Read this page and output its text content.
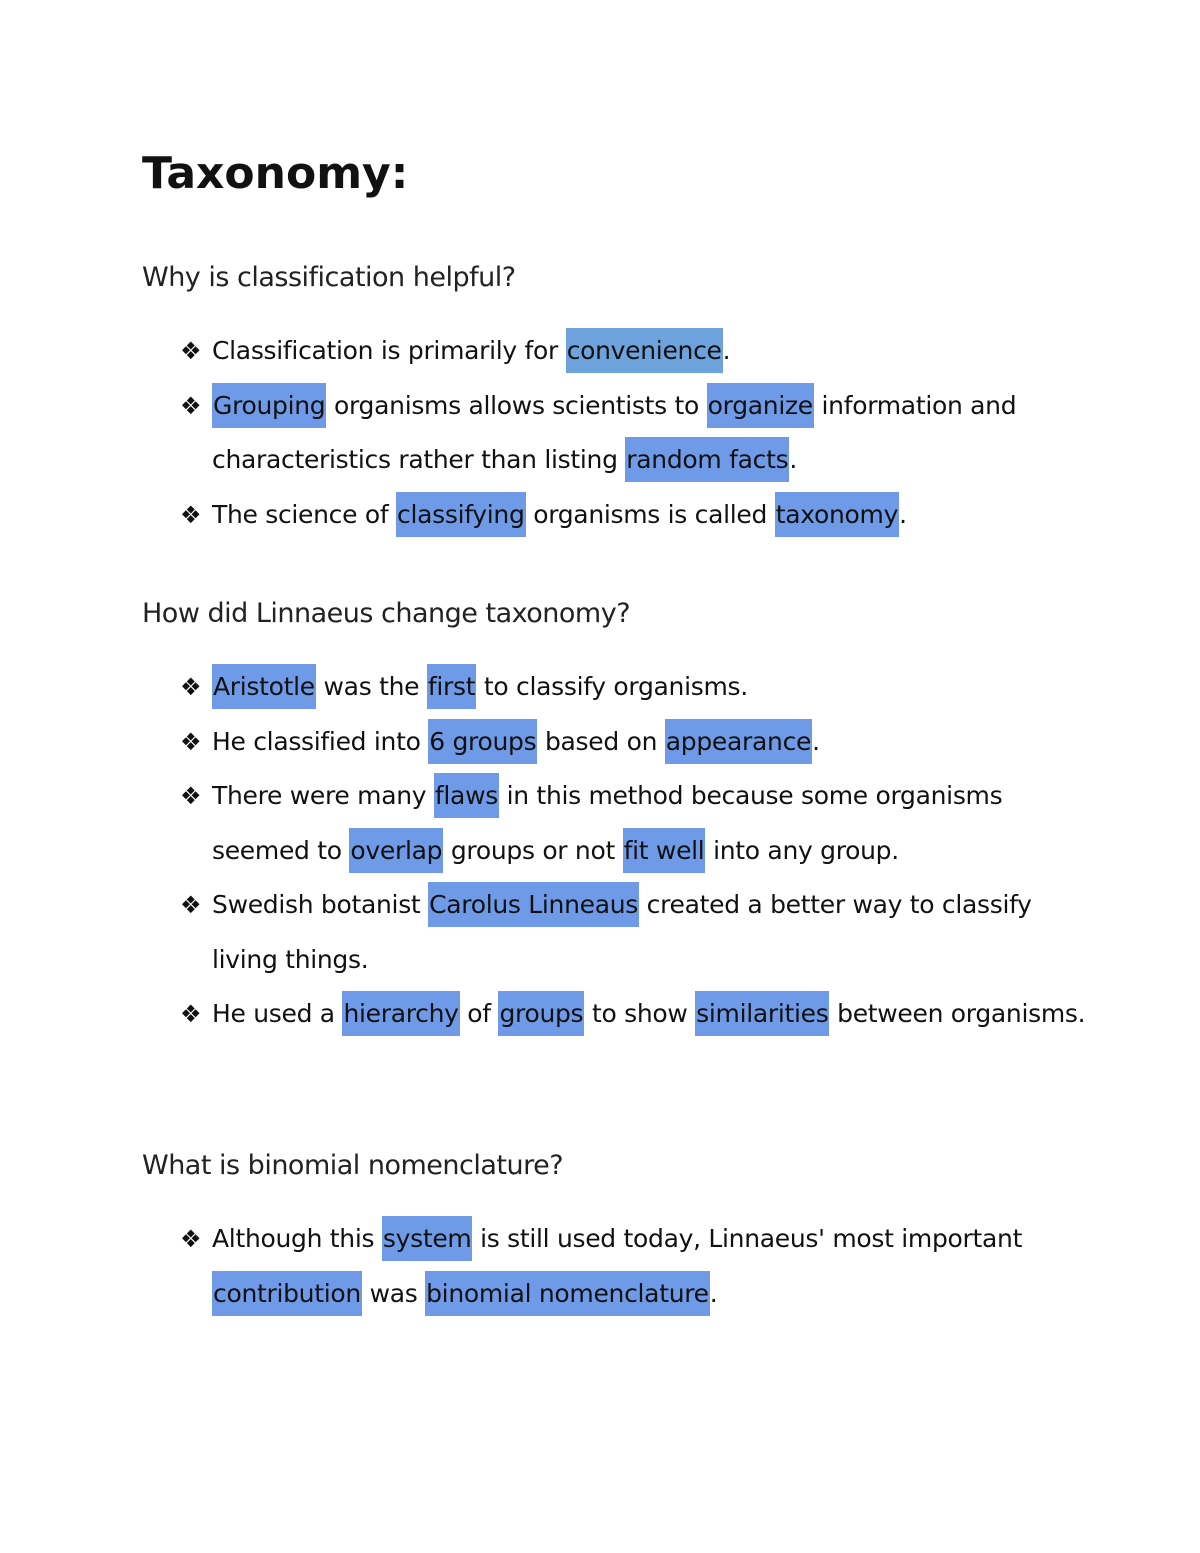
Taxonomy:
Why is classification helpful?
❖ Classification is primarily for convenience.
❖ Grouping organisms allows scientists to organize information and characteristics rather than listing random facts.
❖ The science of classifying organisms is called taxonomy.
How did Linnaeus change taxonomy?
❖ Aristotle was the first to classify organisms.
❖ He classified into 6 groups based on appearance.
❖ There were many flaws in this method because some organisms seemed to overlap groups or not fit well into any group.
❖ Swedish botanist Carolus Linneaus created a better way to classify living things.
❖ He used a hierarchy of groups to show similarities between organisms.
What is binomial nomenclature?
❖ Although this system is still used today, Linnaeus' most important contribution was binomial nomenclature.
